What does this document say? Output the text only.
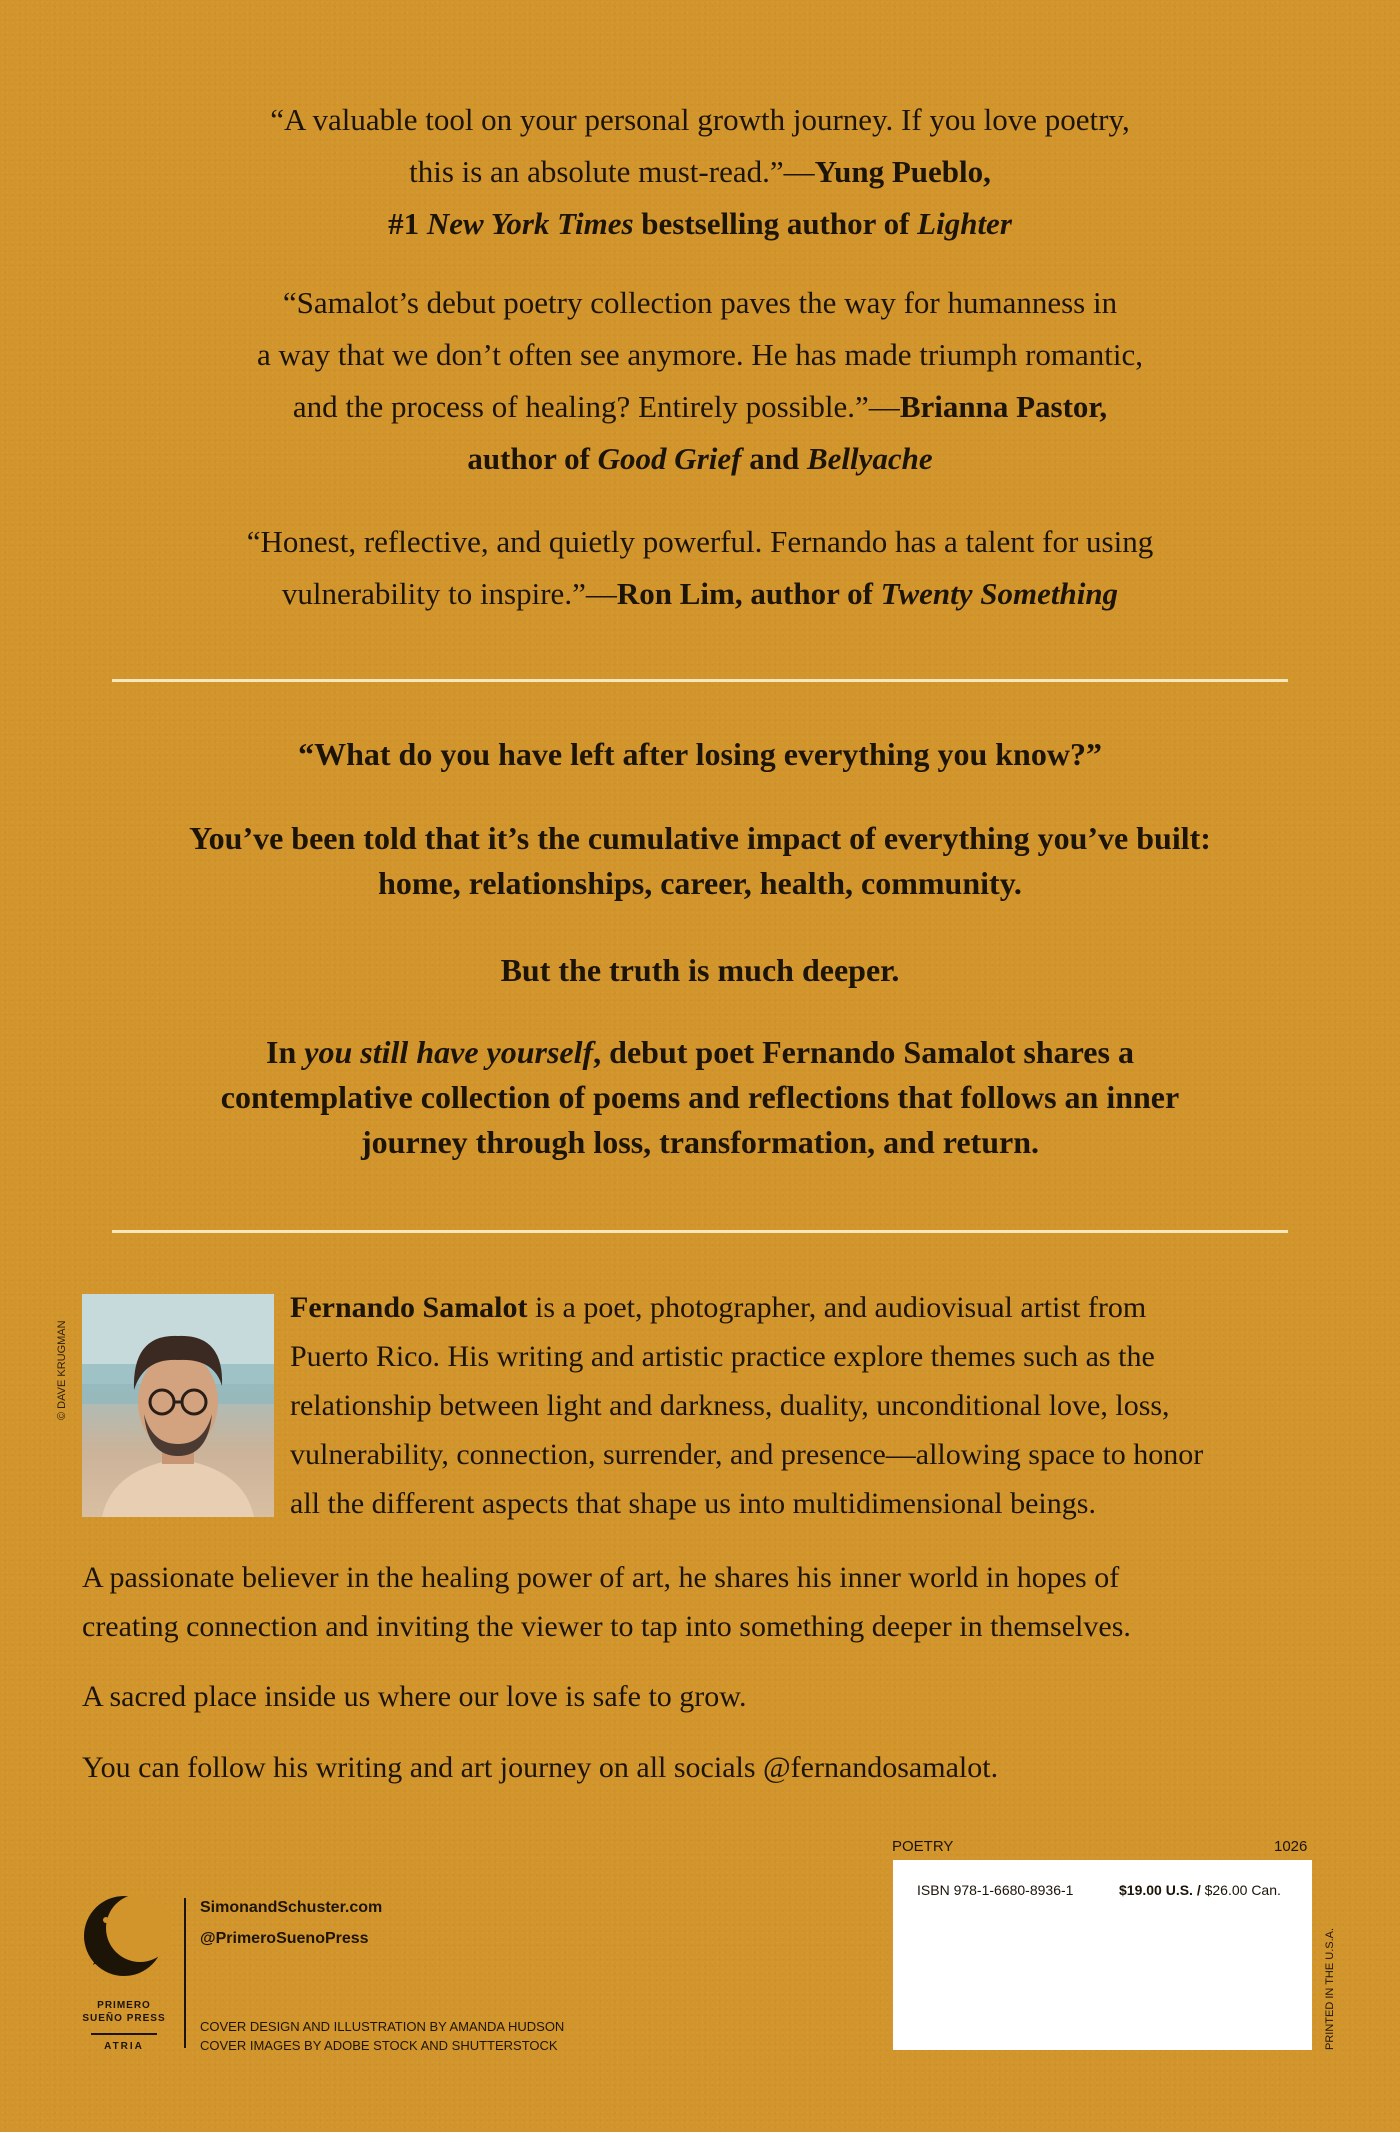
“A valuable tool on your personal growth journey. If you love poetry,
this is an absolute must-read.”—Yung Pueblo,
#1 New York Times bestselling author of Lighter

“Samalot’s debut poetry collection paves the way for humanness in
a way that we don’t often see anymore. He has made triumph romantic,
and the process of healing? Entirely possible.”—Brianna Pastor,
author of Good Grief and Bellyache

“Honest, reflective, and quietly powerful. Fernando has a talent for using
vulnerability to inspire.”—Ron Lim, author of Twenty Something

“What do you have left after losing everything you know?”

You’ve been told that it’s the cumulative impact of everything you’ve built:
home, relationships, career, health, community.

But the truth is much deeper.

In you still have yourself, debut poet Fernando Samalot shares a
contemplative collection of poems and reflections that follows an inner
journey through loss, transformation, and return.

© DAVE KRUGMAN

Fernando Samalot is a poet, photographer, and audiovisual artist from
Puerto Rico. His writing and artistic practice explore themes such as the
relationship between light and darkness, duality, unconditional love, loss,
vulnerability, connection, surrender, and presence—allowing space to honor
all the different aspects that shape us into multidimensional beings.

A passionate believer in the healing power of art, he shares his inner world in hopes of
creating connection and inviting the viewer to tap into something deeper in themselves.

A sacred place inside us where our love is safe to grow.

You can follow his writing and art journey on all socials @fernandosamalot.

PRIMERO
SUEÑO PRESS
ATRIA
SimonandSchuster.com
@PrimeroSuenoPress
COVER DESIGN AND ILLUSTRATION BY AMANDA HUDSON
COVER IMAGES BY ADOBE STOCK AND SHUTTERSTOCK
POETRY	1026
ISBN 978-1-6680-8936-1	$19.00 U.S. / $26.00 Can.
PRINTED IN THE U.S.A.
